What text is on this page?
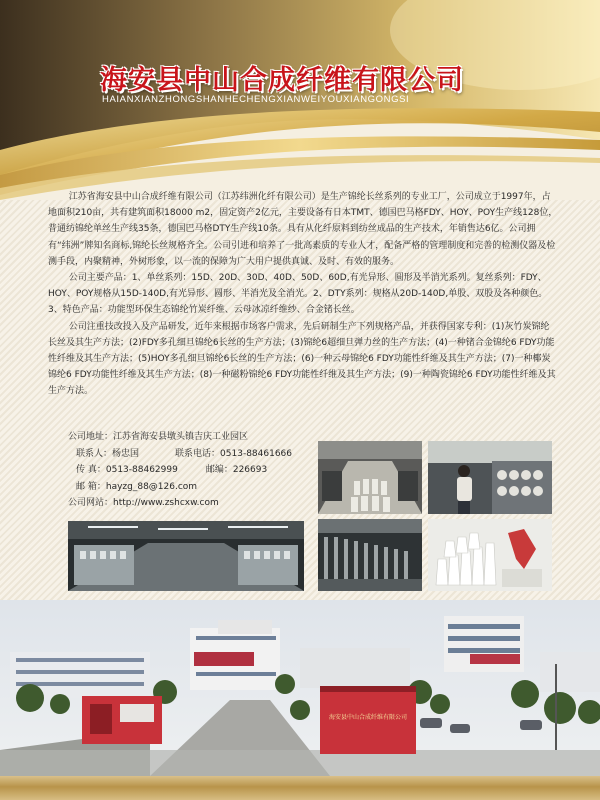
海安县中山合成纤维有限公司
HAIANXIANZHONGSHANHECHENGXIANWEIYOUXIANGONGSI

江苏省海安县中山合成纤维有限公司（江苏纬洲化纤有限公司）是生产锦纶长丝系列的专业工厂，公司成立于1997年，占地面积210亩，共有建筑面积18000 m2，固定资产2亿元，主要设备有日本TMT、德国巴马格FDY、HOY、POY生产线128位，普通纺锦纶单丝生产线35条，德国巴马格DTY生产线10条。具有从化纤原料到纺丝成品的生产技术，年销售达6亿。公司拥有“纬洲”牌知名商标,锦纶长丝规格齐全。公司引进和培养了一批高素质的专业人才，配备严格的管理制度和完善的检测仪器及检测手段，内聚精神，外树形象，以一流的保障为广大用户提供真诚、及时、有效的服务。

公司主要产品：1、单丝系列：15D、20D、30D、40D、50D、60D,有光异形、圆形及半消光系列。复丝系列：FDY、HOY、POY规格从15D-140D,有光异形、圆形、半消光及全消光。2、DTY系列：规格从20D-140D,单股、双股及各种颜色。3、特色产品：功能型环保生态锦纶竹炭纤维、云母冰凉纤维纱、合金锗长丝。

公司注重技改投入及产品研发，近年来根据市场客户需求，先后研制生产下列规格产品，并获得国家专利：(1)灰竹炭锦纶长丝及其生产方法；(2)FDY多孔细旦锦纶6长丝的生产方法；(3)锦纶6超细旦弹力丝的生产方法；(4)一种锗合金锦纶6 FDY功能性纤维及其生产方法；(5)HOY多孔细旦锦纶6长丝的生产方法；(6)一种云母锦纶6 FDY功能性纤维及其生产方法；(7)一种椰炭锦纶6 FDY功能性纤维及其生产方法；(8)一种磁粉锦纶6 FDY功能性纤维及其生产方法；(9)一种陶瓷锦纶6 FDY功能性纤维及其生产方法。

公司地址：江苏省海安县墩头镇吉庆工业园区
联系人：杨忠国	联系电话：0513-88461666
传 真：0513-88462999	邮编：226693
邮 箱：hayzg_88@126.com
公司网站：http://www.zshcxw.com
海安县中山合成纤维有限公司
